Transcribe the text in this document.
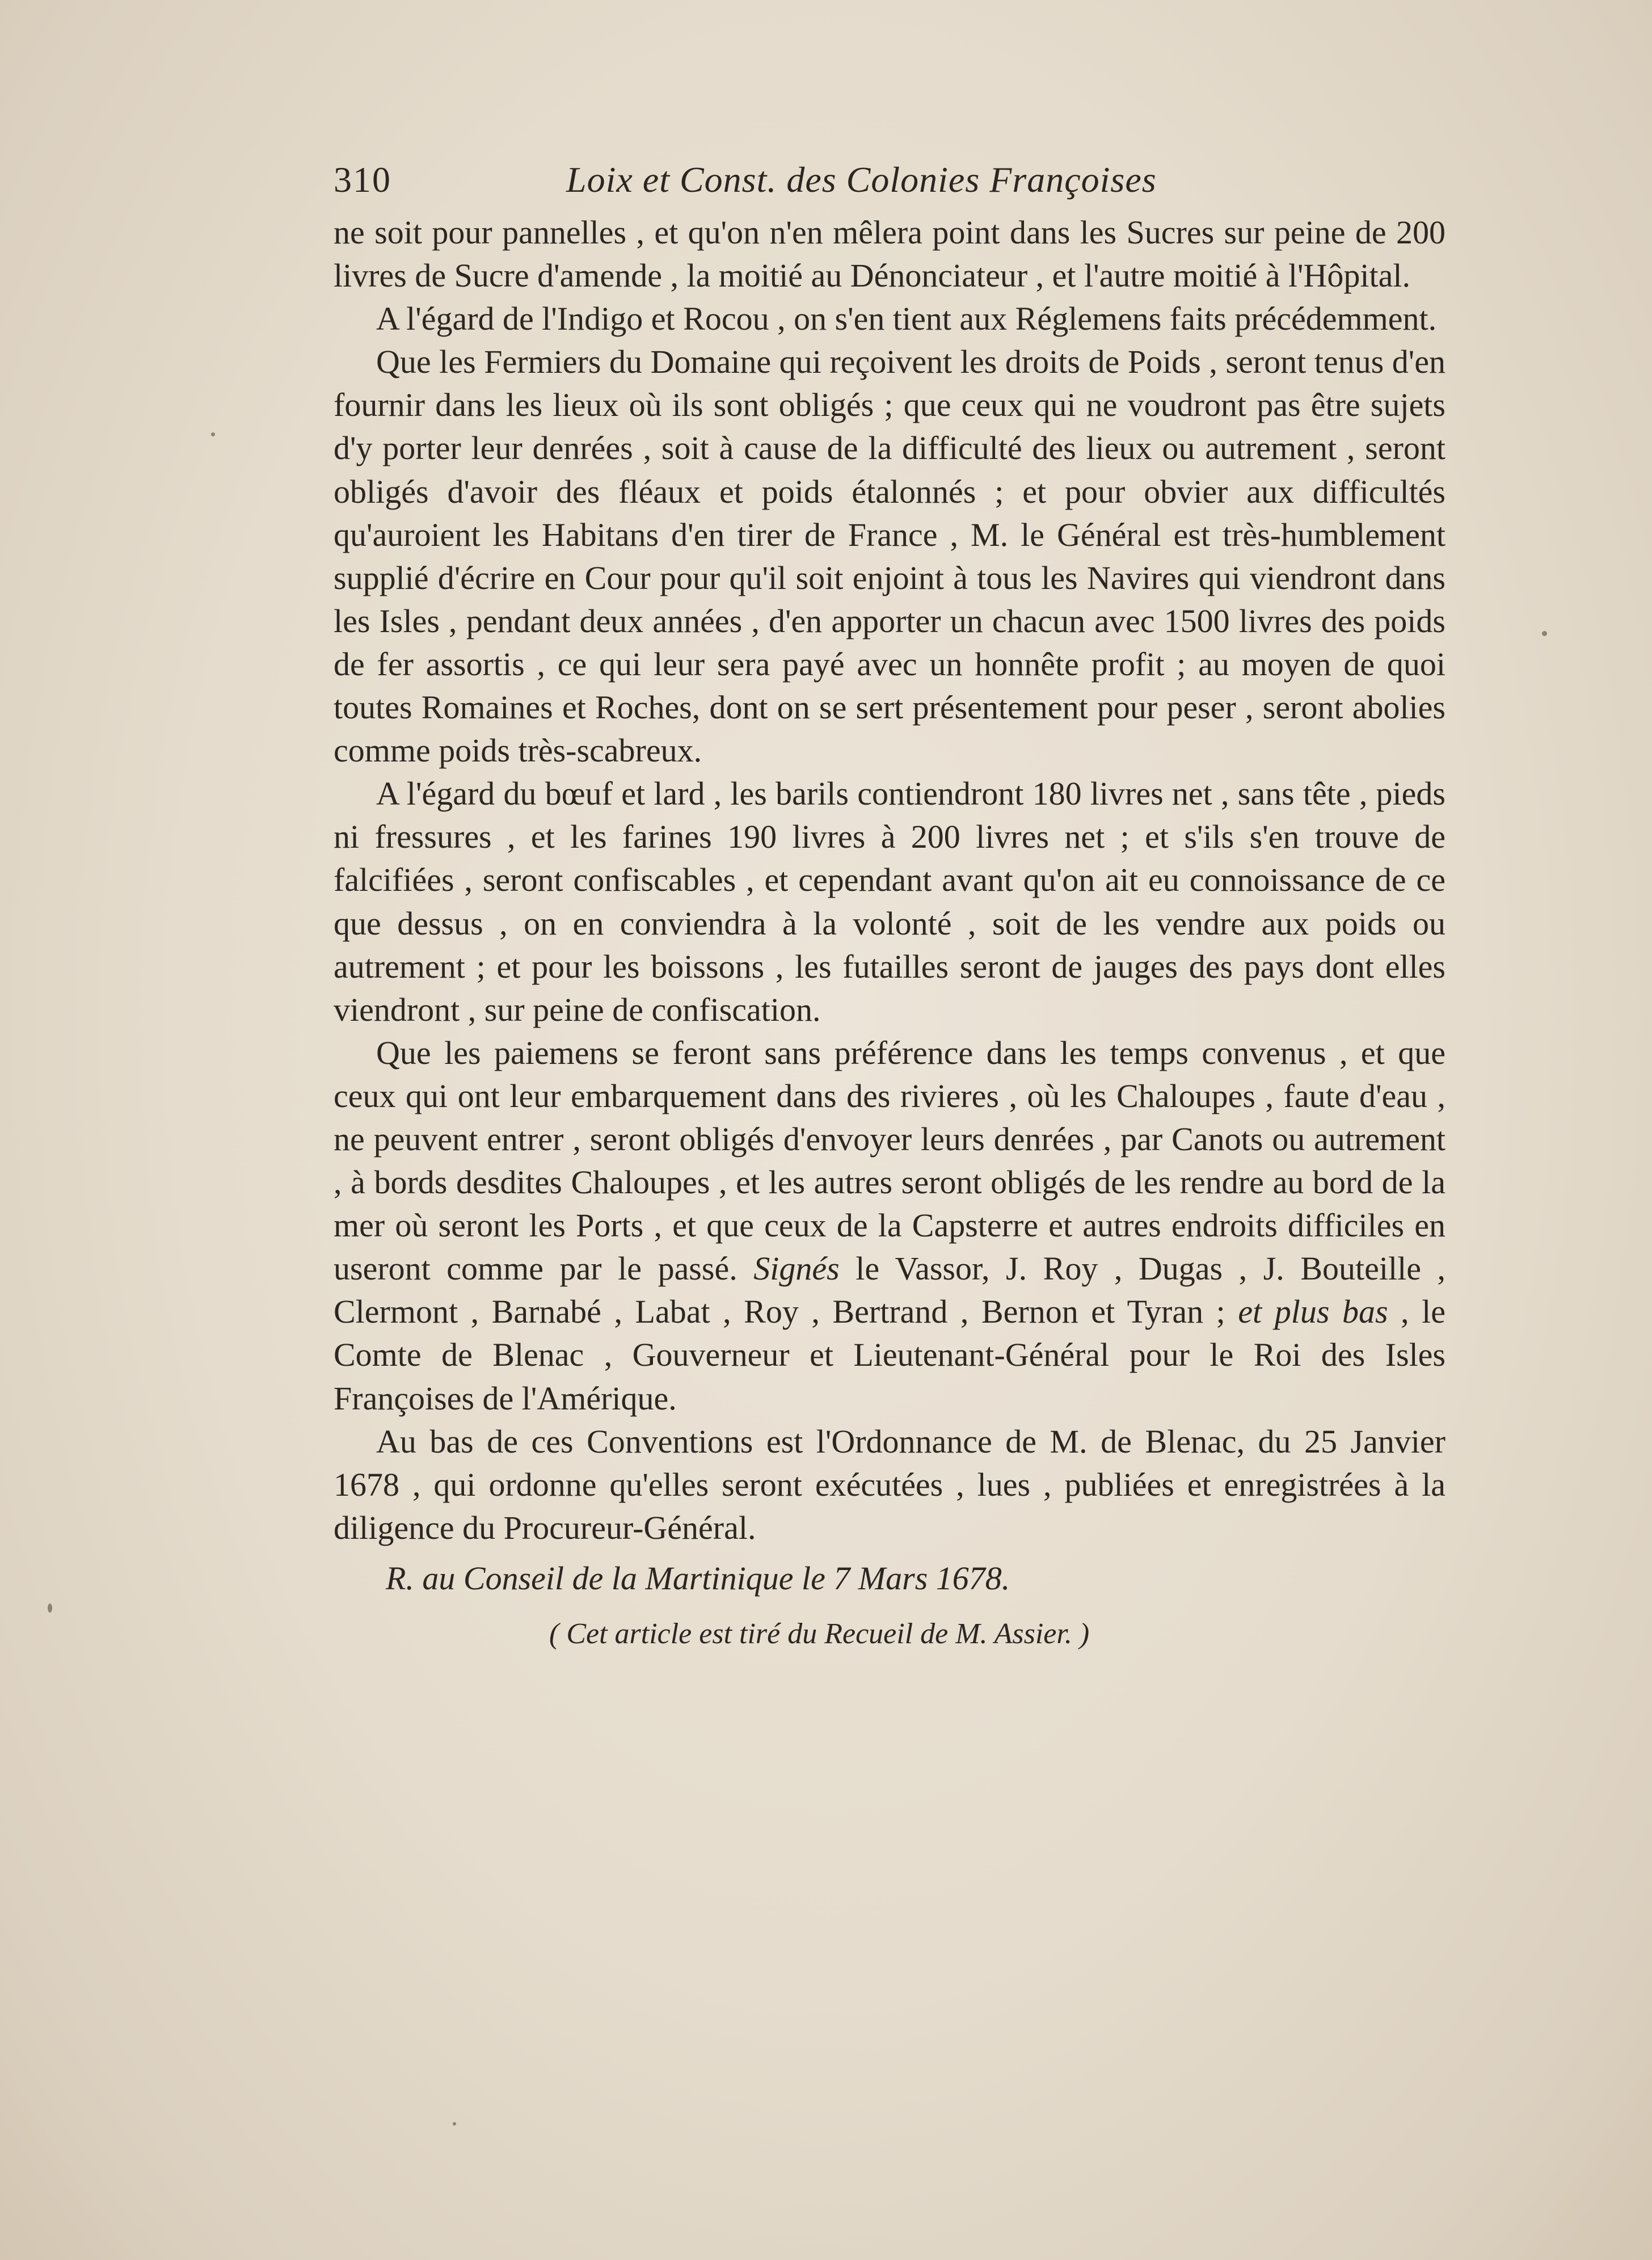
310	Loix et Const. des Colonies Françoises

ne soit pour pannelles , et qu'on n'en mêlera point dans les Sucres sur peine de 200 livres de Sucre d'amende , la moitié au Dénonciateur , et l'autre moitié à l'Hôpital.

A l'égard de l'Indigo et Rocou , on s'en tient aux Réglemens faits précédemment.

Que les Fermiers du Domaine qui reçoivent les droits de Poids , seront tenus d'en fournir dans les lieux où ils sont obligés ; que ceux qui ne voudront pas être sujets d'y porter leur denrées , soit à cause de la difficulté des lieux ou autrement , seront obligés d'avoir des fléaux et poids étalonnés ; et pour obvier aux difficultés qu'auroient les Habitans d'en tirer de France , M. le Général est très-humblement supplié d'écrire en Cour pour qu'il soit enjoint à tous les Navires qui viendront dans les Isles , pendant deux années , d'en apporter un chacun avec 1500 livres des poids de fer assortis , ce qui leur sera payé avec un honnête profit ; au moyen de quoi toutes Romaines et Roches, dont on se sert présentement pour peser , seront abolies comme poids très-scabreux.

A l'égard du bœuf et lard , les barils contiendront 180 livres net , sans tête , pieds ni fressures , et les farines 190 livres à 200 livres net ; et s'ils s'en trouve de falcifiées , seront confiscables , et cependant avant qu'on ait eu connoissance de ce que dessus , on en conviendra à la volonté , soit de les vendre aux poids ou autrement ; et pour les boissons , les futailles seront de jauges des pays dont elles viendront , sur peine de confiscation.

Que les paiemens se feront sans préférence dans les temps convenus , et que ceux qui ont leur embarquement dans des rivieres , où les Chaloupes , faute d'eau , ne peuvent entrer , seront obligés d'envoyer leurs denrées , par Canots ou autrement , à bords desdites Chaloupes , et les autres seront obligés de les rendre au bord de la mer où seront les Ports , et que ceux de la Capsterre et autres endroits difficiles en useront comme par le passé. Signés le Vassor, J. Roy , Dugas , J. Bouteille , Clermont , Barnabé , Labat , Roy , Bertrand , Bernon et Tyran ; et plus bas , le Comte de Blenac , Gouverneur et Lieutenant-Général pour le Roi des Isles Françoises de l'Amérique.

Au bas de ces Conventions est l'Ordonnance de M. de Blenac, du 25 Janvier 1678 , qui ordonne qu'elles seront exécutées , lues , publiées et enregistrées à la diligence du Procureur-Général.

R. au Conseil de la Martinique le 7 Mars 1678.

( Cet article est tiré du Recueil de M. Assier. )
